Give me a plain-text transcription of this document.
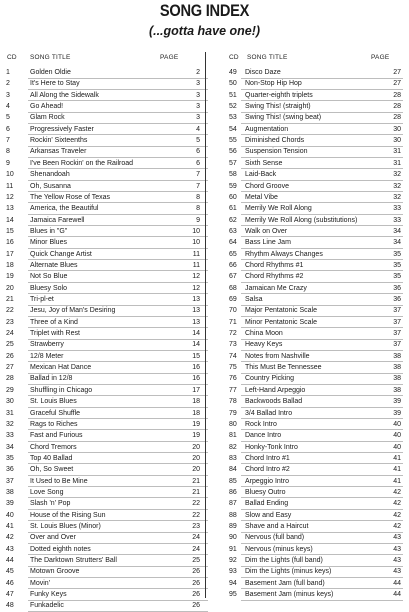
SONG INDEX
(...gotta have one!)
CD SONG TITLE	PAGE
1	Golden Oldie	2
2	It's Here to Stay	3
3	All Along the Sidewalk	3
4	Go Ahead!	3
5	Glam Rock	3
6	Progressively Faster	4
7	Rockin' Sixteenths	5
8	Arkansas Traveler	6
9	I've Been Rockin' on the Railroad	6
10 Shenandoah	7
11 Oh, Susanna	7
12 The Yellow Rose of Texas	8
13 America, the Beautiful	8
14 Jamaica Farewell	9
15 Blues in "G"	10
16 Minor Blues	10
17 Quick Change Artist	11
18 Alternate Blues	11
19 Not So Blue	12
20 Bluesy Solo	12
21 Tri-pl-et	13
22 Jesu, Joy of Man's Desiring	13
23 Three of a Kind	13
24 Triplet with Rest	14
25 Strawberry	14
26 12/8 Meter	15
27 Mexican Hat Dance	16
28 Ballad in 12/8	16
29 Shuffling in Chicago	17
30 St. Louis Blues	18
31 Graceful Shuffle	18
32 Rags to Riches	19
33 Fast and Furious	19
34 Chord Tremors	20
35 Top 40 Ballad	20
36 Oh, So Sweet	20
37 It Used to Be Mine	21
38 Love Song	21
39 Slash 'n' Pop	22
40 House of the Rising Sun	22
41 St. Louis Blues (Minor)	23
42 Over and Over	24
43 Dotted eighth notes	24
44 The Darktown Strutters' Ball	25
45 Motown Groove	26
46 Movin'	26
47 Funky Keys	26
48 Funkadelic	26
CD SONG TITLE	PAGE
49 Disco Daze	27
50 Non-Stop Hip Hop	27
51 Quarter-eighth triplets	28
52 Swing This! (straight)	28
53 Swing This! (swing beat)	28
54 Augmentation	30
55 Diminished Chords	30
56 Suspension Tension	31
57 Sixth Sense	31
58 Laid-Back	32
59 Chord Groove	32
60 Metal Vibe	32
61 Merrily We Roll Along	33
62 Merrily We Roll Along (substitutions)	33
63 Walk on Over	34
64 Bass Line Jam	34
65 Rhythm Always Changes	35
66 Chord Rhythms #1	35
67 Chord Rhythms #2	35
68 Jamaican Me Crazy	36
69 Salsa	36
70 Major Pentatonic Scale	37
71 Minor Pentatonic Scale	37
72 China Moon	37
73 Heavy Keys	37
74 Notes from Nashville	38
75 This Must Be Tennessee	38
76 Country Picking	38
77 Left-Hand Arpeggio	38
78 Backwoods Ballad	39
79 3/4 Ballad Intro	39
80 Rock Intro	40
81 Dance Intro	40
82 Honky-Tonk Intro	40
83 Chord Intro #1	41
84 Chord Intro #2	41
85 Arpeggio Intro	41
86 Bluesy Outro	42
87 Ballad Ending	42
88 Slow and Easy	42
89 Shave and a Haircut	42
90 Nervous (full band)	43
91 Nervous (minus keys)	43
92 Dim the Lights (full band)	43
93 Dim the Lights (minus keys)	43
94 Basement Jam (full band)	44
95 Basement Jam (minus keys)	44
